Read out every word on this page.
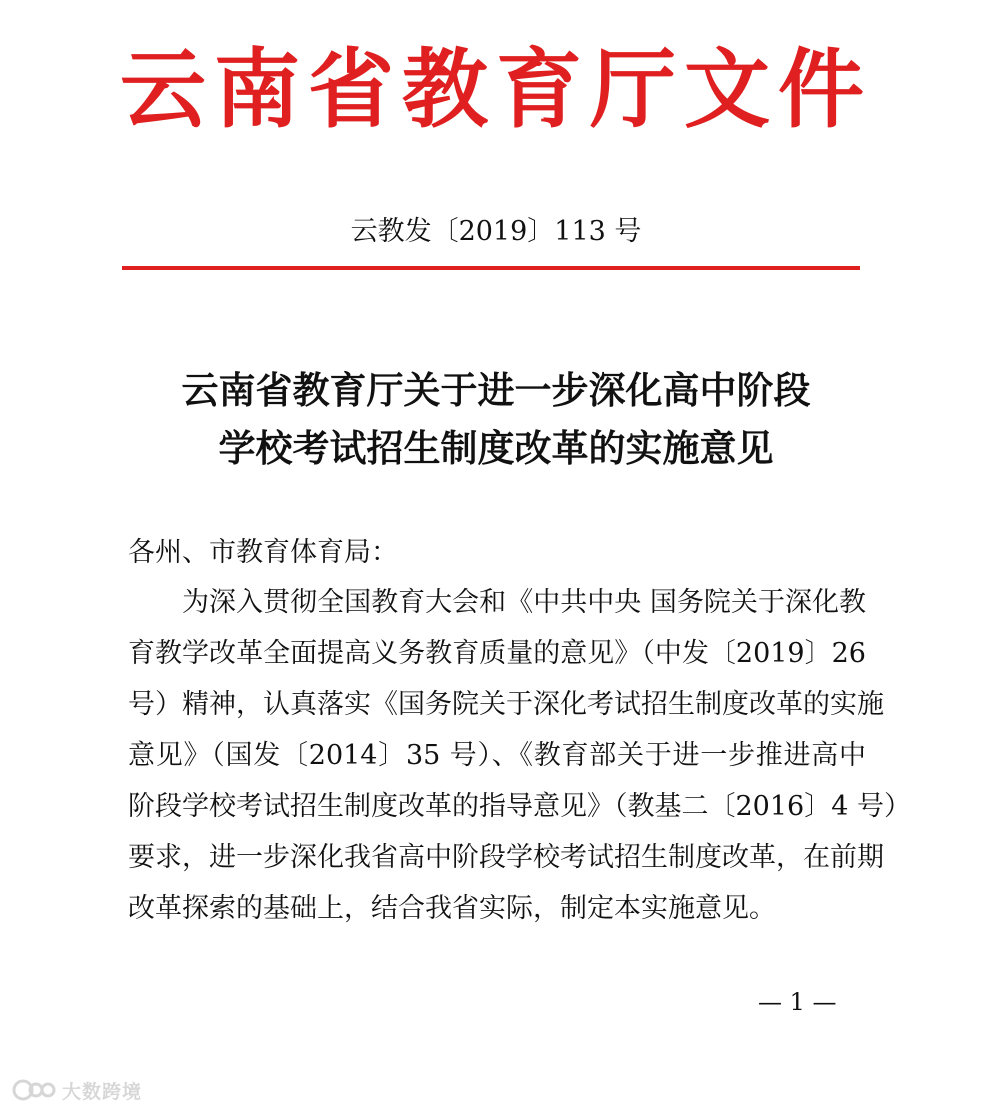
云南省教育厅文件
云教发〔2019〕113 号
云南省教育厅关于进一步深化高中阶段
学校考试招生制度改革的实施意见
各州、市教育体育局：
为深入贯彻全国教育大会和《中共中央 国务院关于深化教
育教学改革全面提高义务教育质量的意见》（中发〔2019〕26
号）精神，认真落实《国务院关于深化考试招生制度改革的实施
意见》（国发〔2014〕35 号）、《教育部关于进一步推进高中
阶段学校考试招生制度改革的指导意见》（教基二〔2016〕4 号）
要求，进一步深化我省高中阶段学校考试招生制度改革，在前期
改革探索的基础上，结合我省实际，制定本实施意见。
— 1 —
大数跨境
